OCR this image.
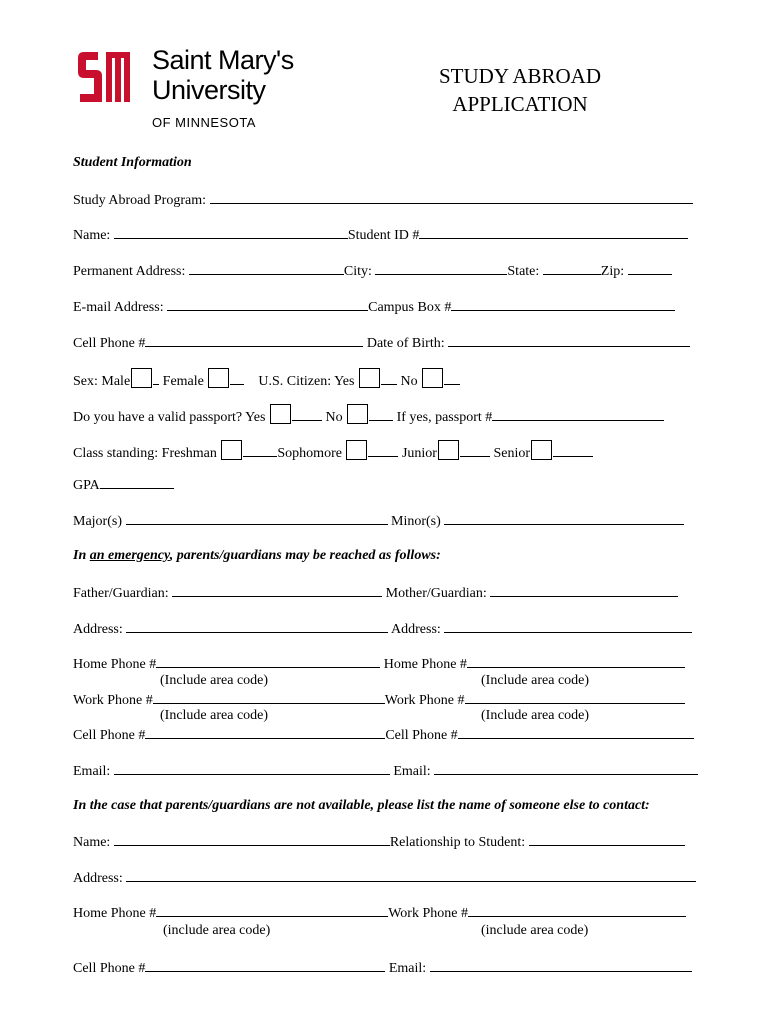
Saint Mary's
University
OF MINNESOTA
STUDY ABROAD
APPLICATION
Student Information
Study Abroad Program:
Name:	Student ID #
Permanent Address:	City:	State:	Zip:
E-mail Address:	Campus Box #
Cell Phone #	Date of Birth:
Sex: Male Female	U.S. Citizen: Yes	No
Do you have a valid passport? Yes	No	If yes, passport #
Class standing: Freshman	Sophomore	Junior	Senior
GPA
Major(s)	Minor(s)
In an emergency, parents/guardians may be reached as follows:
Father/Guardian:	Mother/Guardian:
Address:	Address:
Home Phone #	Home Phone #
(Include area code)	(Include area code)
Work Phone #	Work Phone #
(Include area code)	(Include area code)
Cell Phone #	Cell Phone #
Email:	Email:
In the case that parents/guardians are not available, please list the name of someone else to contact:
Name:	Relationship to Student:
Address:
Home Phone #	Work Phone #
(include area code)	(include area code)
Cell Phone #	Email:
